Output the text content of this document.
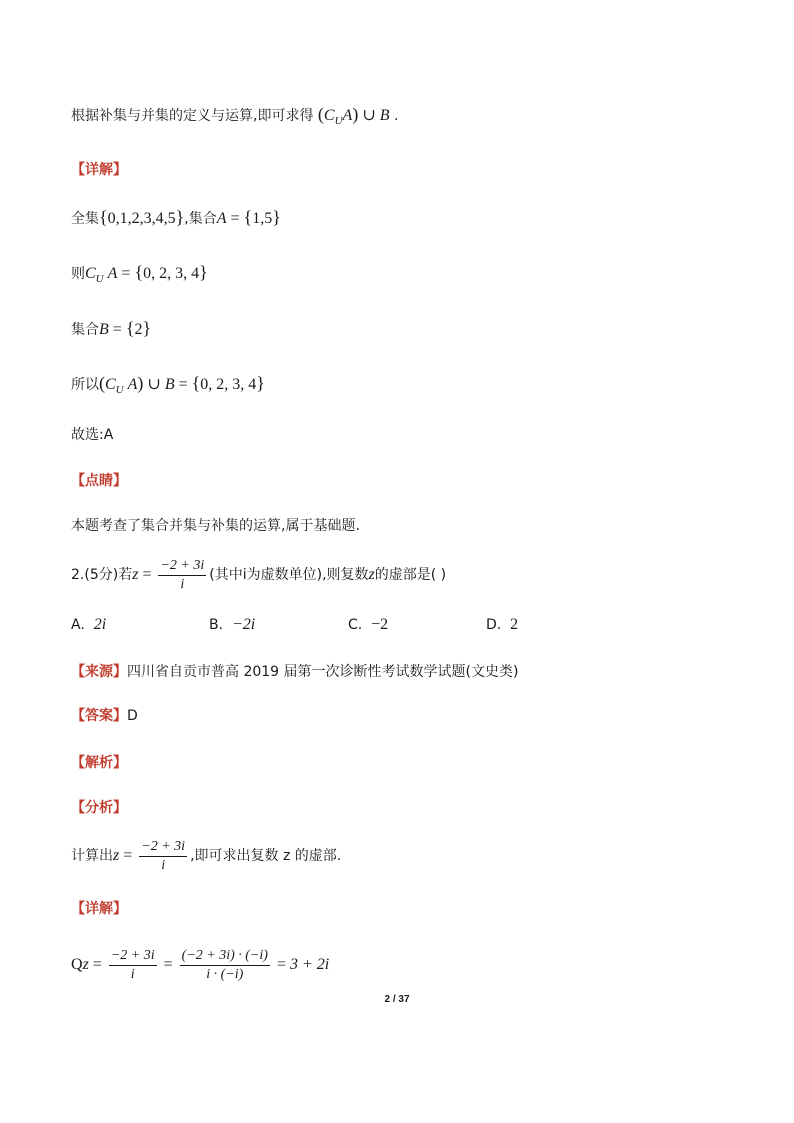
根据补集与并集的定义与运算,即可求得 $(C_UA)$ ∪ B .
【详解】
全集{0,1,2,3,4,5},集合A = {1,5}
则$C_U$ A = {0, 2, 3, 4}
集合B = {2}
所以($C_U$ A) ∪ B = {0, 2, 3, 4}
故选:A
【点睛】
本题考查了集合并集与补集的运算,属于基础题.
2.(5分)若$z = \frac{-2 + 3i}{i}$ (其中i为虚数单位),则复数z的虚部是( )
A. 2i	B. −2i	C. −2	D. 2
【来源】四川省自贡市普高 2019 届第一次诊断性考试数学试题(文史类)
【答案】D
【解析】
【分析】
计算出$z = \frac{-2 + 3i}{i}$ ,即可求出复数 z 的虚部.
【详解】
$Qz = \frac{-2 + 3i}{i} = \frac{(-2 + 3i) \cdot (-i)}{i \cdot (-i)} = 3 + 2i$
2 / 37
